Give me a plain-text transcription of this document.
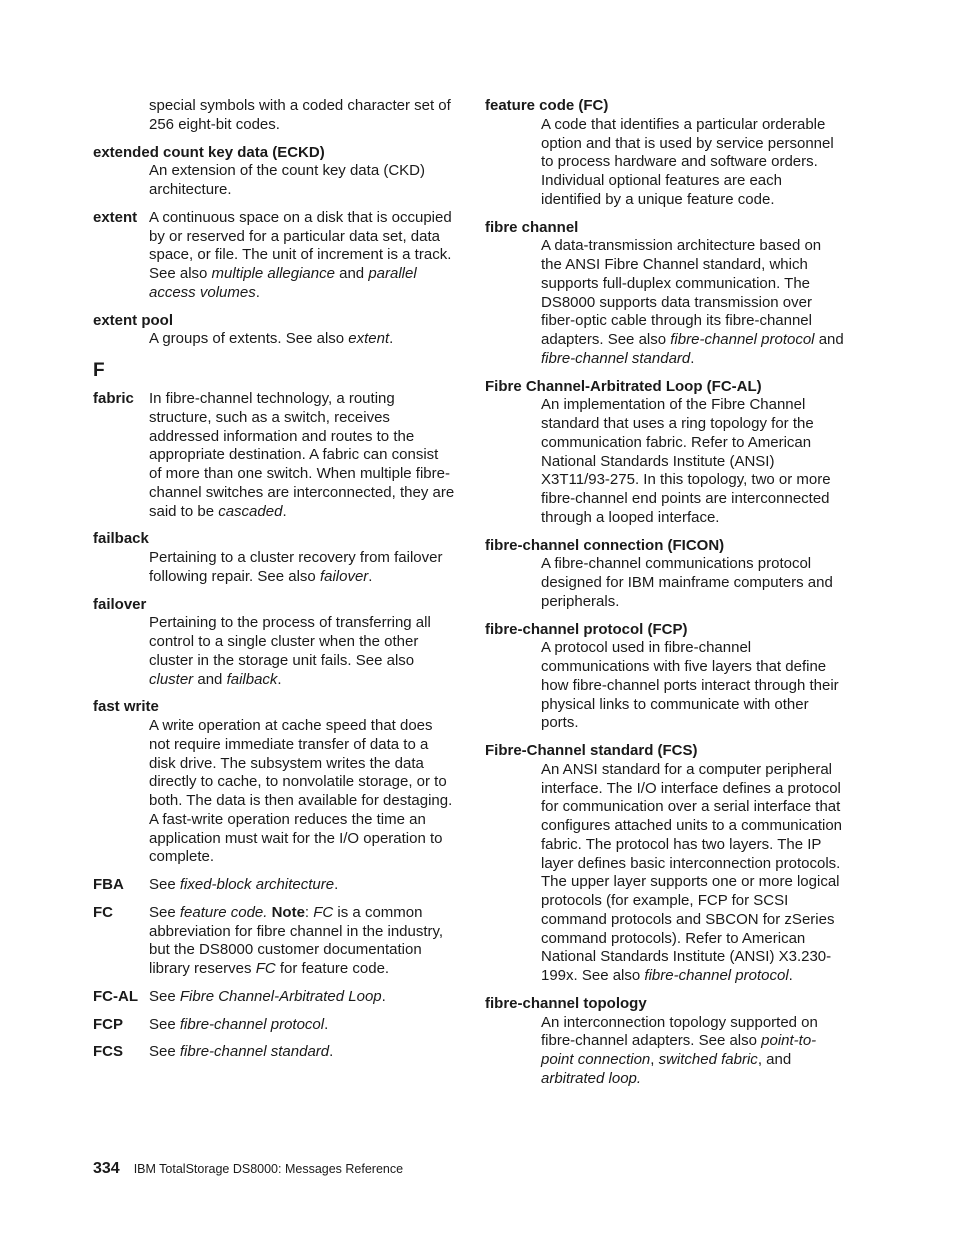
special symbols with a coded character set of 256 eight-bit codes.
extended count key data (ECKD)
An extension of the count key data (CKD) architecture.
extent A continuous space on a disk that is occupied by or reserved for a particular data set, data space, or file. The unit of increment is a track. See also multiple allegiance and parallel access volumes.
extent pool
A groups of extents. See also extent.
F
fabric In fibre-channel technology, a routing structure, such as a switch, receives addressed information and routes to the appropriate destination. A fabric can consist of more than one switch. When multiple fibre-channel switches are interconnected, they are said to be cascaded.
failback
Pertaining to a cluster recovery from failover following repair. See also failover.
failover
Pertaining to the process of transferring all control to a single cluster when the other cluster in the storage unit fails. See also cluster and failback.
fast write
A write operation at cache speed that does not require immediate transfer of data to a disk drive. The subsystem writes the data directly to cache, to nonvolatile storage, or to both. The data is then available for destaging. A fast-write operation reduces the time an application must wait for the I/O operation to complete.
FBA See fixed-block architecture.
FC See feature code. Note: FC is a common abbreviation for fibre channel in the industry, but the DS8000 customer documentation library reserves FC for feature code.
FC-AL See Fibre Channel-Arbitrated Loop.
FCP See fibre-channel protocol.
FCS See fibre-channel standard.
feature code (FC)
A code that identifies a particular orderable option and that is used by service personnel to process hardware and software orders. Individual optional features are each identified by a unique feature code.
fibre channel
A data-transmission architecture based on the ANSI Fibre Channel standard, which supports full-duplex communication. The DS8000 supports data transmission over fiber-optic cable through its fibre-channel adapters. See also fibre-channel protocol and fibre-channel standard.
Fibre Channel-Arbitrated Loop (FC-AL)
An implementation of the Fibre Channel standard that uses a ring topology for the communication fabric. Refer to American National Standards Institute (ANSI) X3T11/93-275. In this topology, two or more fibre-channel end points are interconnected through a looped interface.
fibre-channel connection (FICON)
A fibre-channel communications protocol designed for IBM mainframe computers and peripherals.
fibre-channel protocol (FCP)
A protocol used in fibre-channel communications with five layers that define how fibre-channel ports interact through their physical links to communicate with other ports.
Fibre-Channel standard (FCS)
An ANSI standard for a computer peripheral interface. The I/O interface defines a protocol for communication over a serial interface that configures attached units to a communication fabric. The protocol has two layers. The IP layer defines basic interconnection protocols. The upper layer supports one or more logical protocols (for example, FCP for SCSI command protocols and SBCON for zSeries command protocols). Refer to American National Standards Institute (ANSI) X3.230-199x. See also fibre-channel protocol.
fibre-channel topology
An interconnection topology supported on fibre-channel adapters. See also point-to-point connection, switched fabric, and arbitrated loop.
334 IBM TotalStorage DS8000: Messages Reference
